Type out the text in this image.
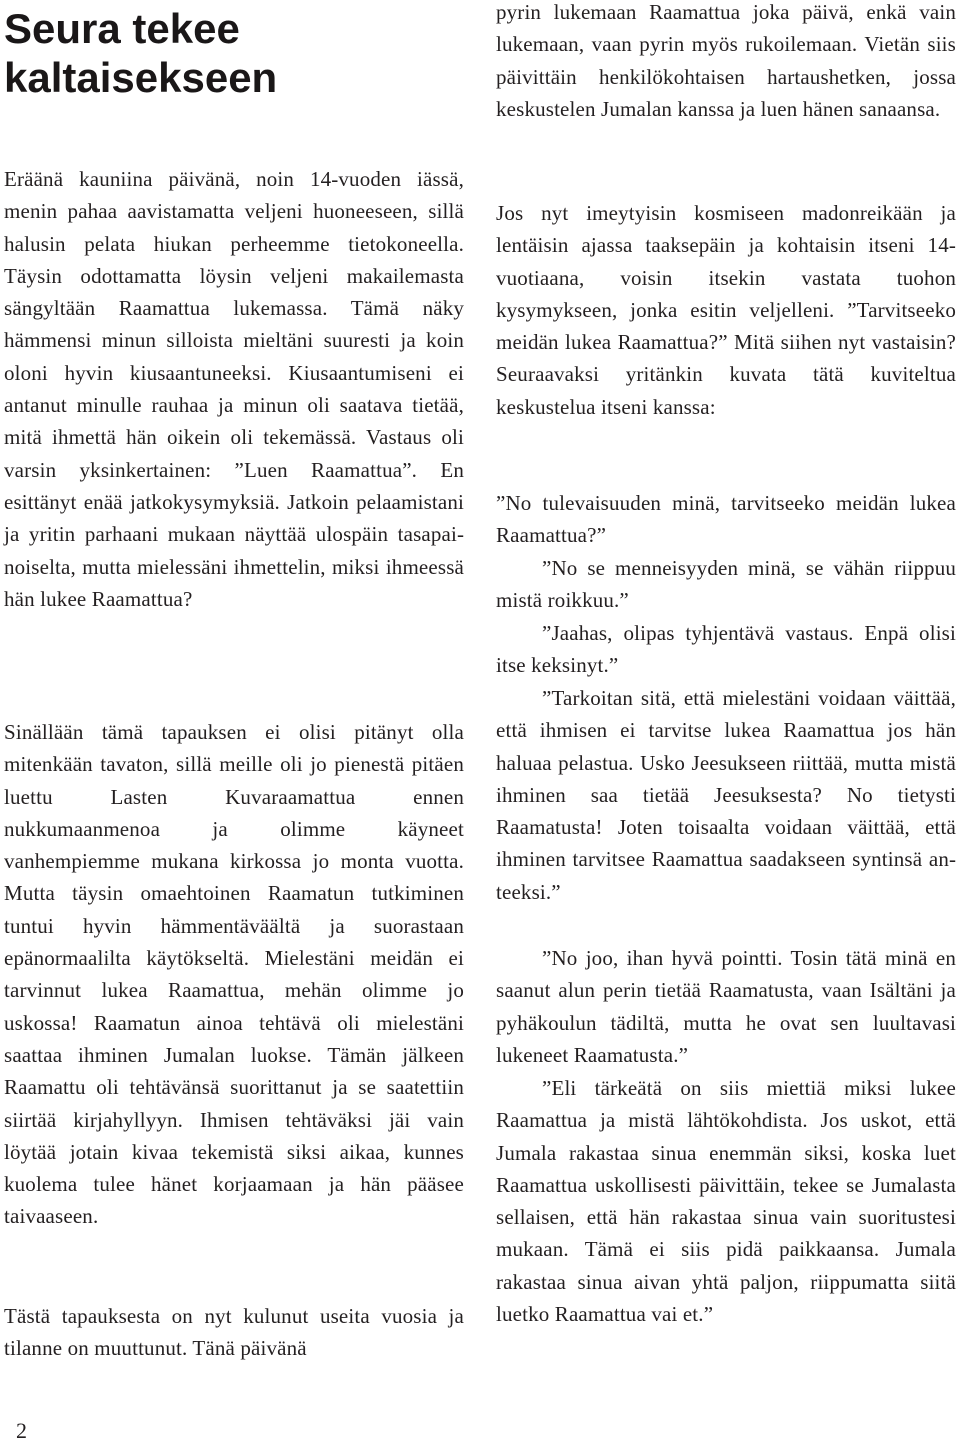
Seura tekee kaltaisekseen

Eräänä kauniina päivänä, noin 14-vuoden iässä, menin pahaa aavistamatta veljeni huoneeseen, sillä halusin pelata hiukan perheemme tietokoneella. Täysin odottamatta löysin veljeni makailemasta sängyltään Raamattua lukemassa. Tämä näky hämmensi minun silloista mieltäni suuresti ja koin oloni hyvin kiusaantuneeksi. Kiusaantumiseni ei antanut minulle rauhaa ja minun oli saatava tietää, mitä ihmettä hän oikein oli tekemässä. Vastaus oli varsin yksinkertainen: ”Luen Raamattua”. En esittänyt enää jatkokysymyksiä. Jatkoin pelaamistani ja yritin parhaani mukaan näyttää ulospäin tasapainoiselta, mutta mielessäni ihmettelin, miksi ihmeessä hän lukee Raamattua?

Sinällään tämä tapauksen ei olisi pitänyt olla mitenkään tavaton, sillä meille oli jo pienestä pitäen luettu Lasten Kuvaraamattua ennen nukkumaanmenoa ja olimme käyneet vanhempiemme mukana kirkossa jo monta vuotta. Mutta täysin omaehtoinen Raamatun tutkiminen tuntui hyvin hämmentäväältä ja suorastaan epänormaalilta käytökseltä. Mielestäni meidän ei tarvinnut lukea Raamattua, mehän olimme jo uskossa! Raamatun ainoa tehtävä oli mielestäni saattaa ihminen Jumalan luokse. Tämän jälkeen Raamattu oli tehtävänsä suorittanut ja se saatettiin siirtää kirjahyllyyn. Ihmisen tehtäväksi jäi vain löytää jotain kivaa tekemistä siksi aikaa, kunnes kuolema tulee hänet korjaamaan ja hän pääsee taivaaseen.

Tästä tapauksesta on nyt kulunut useita vuosia ja tilanne on muuttunut. Tänä päivänä

pyrin lukemaan Raamattua joka päivä, enkä vain lukemaan, vaan pyrin myös rukoilemaan. Vietän siis päivittäin henkilökohtaisen hartaushetken, jossa keskustelen Jumalan kanssa ja luen hänen sanaansa.

Jos nyt imeytyisin kosmiseen madonreikään ja lentäisin ajassa taaksepäin ja kohtaisin itseni 14-vuotiaana, voisin itsekin vastata tuohon kysymykseen, jonka esitin veljelleni. ”Tarvitseeko meidän lukea Raamattua?” Mitä siihen nyt vastaisin? Seuraavaksi yritänkin kuvata tätä kuviteltua keskustelua itseni kanssa:

”No tulevaisuuden minä, tarvitseeko meidän lukea Raamattua?”

”No se menneisyyden minä, se vähän riippuu mistä roikkuu.”

”Jaahas, olipas tyhjentävä vastaus. Enpä olisi itse keksinyt.”

”Tarkoitan sitä, että mielestäni voidaan väittää, että ihmisen ei tarvitse lukea Raamattua jos hän haluaa pelastua. Usko Jeesukseen riittää, mutta mistä ihminen saa tietää Jeesuksesta? No tietysti Raamatusta! Joten toisaalta voidaan väittää, että ihminen tarvitsee Raamattua saadakseen syntinsä anteeksi.”

”No joo, ihan hyvä pointti. Tosin tätä minä en saanut alun perin tietää Raamatusta, vaan Isältäni ja pyhäkoulun tädiltä, mutta he ovat sen luultavasi lukeneet Raamatusta.”

”Eli tärkeätä on siis miettiä miksi lukee Raamattua ja mistä lähtökohdista. Jos uskot, että Jumala rakastaa sinua enemmän siksi, koska luet Raamattua uskollisesti päivittäin, tekee se Jumalasta sellaisen, että hän rakastaa sinua vain suoritustesi mukaan. Tämä ei siis pidä paikkaansa. Jumala rakastaa sinua aivan yhtä paljon, riippumatta siitä luetko Raamattua vai et.”

2
